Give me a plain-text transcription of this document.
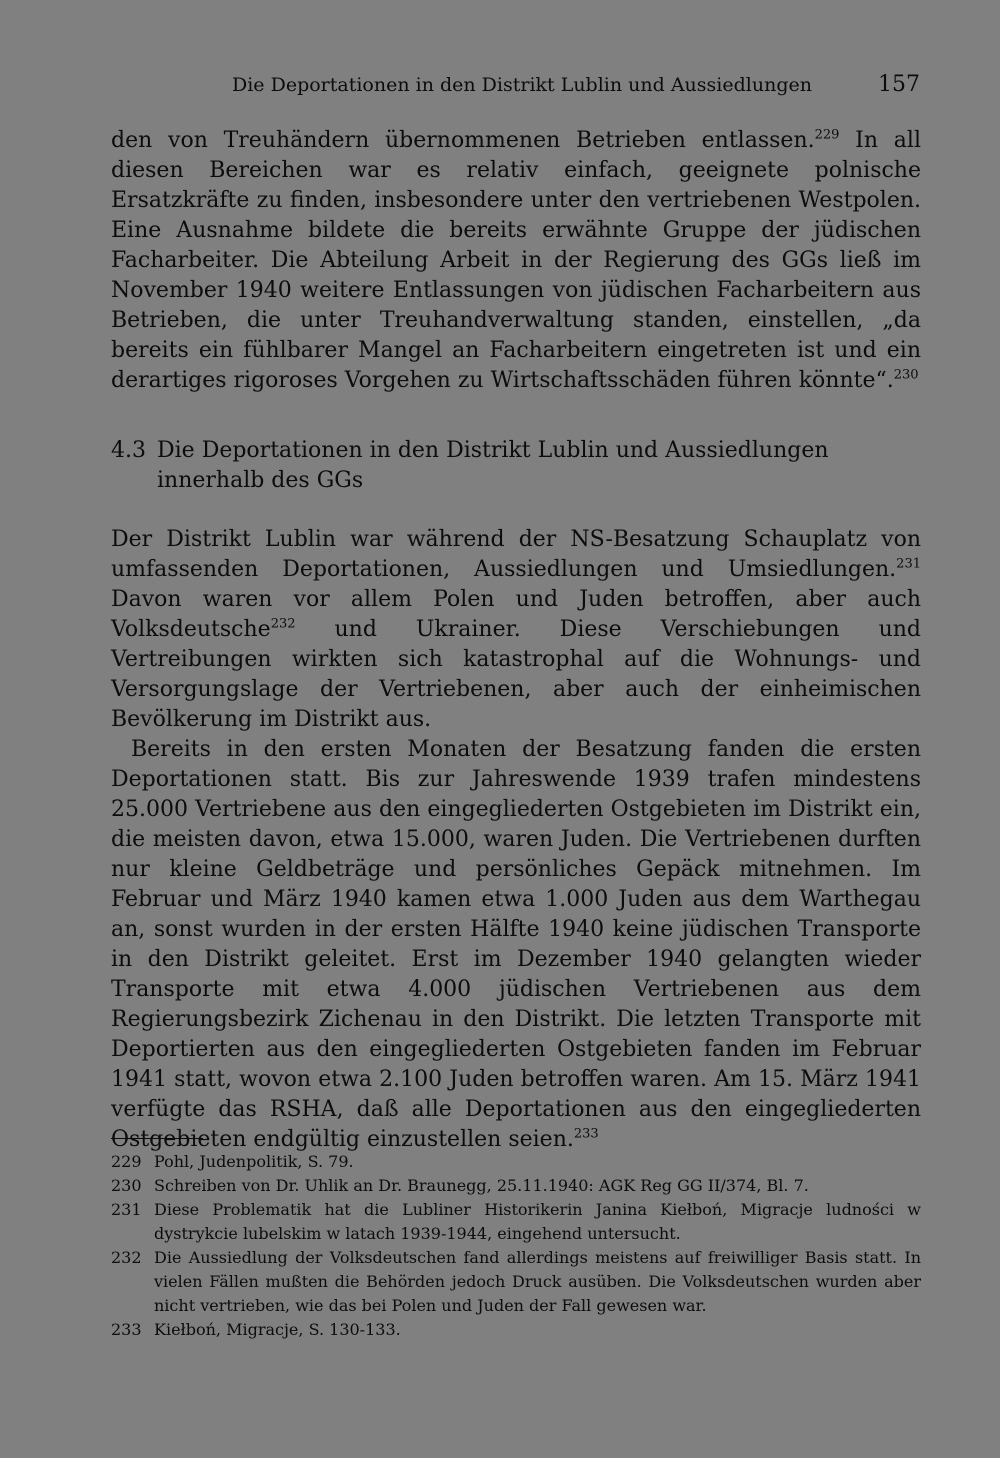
Die Deportationen in den Distrikt Lublin und Aussiedlungen	157

den von Treuhändern übernommenen Betrieben entlassen.$^{229}$ In all diesen Bereichen war es relativ einfach, geeignete polnische Ersatzkräfte zu finden, insbesondere unter den vertriebenen Westpolen. Eine Ausnahme bildete die bereits erwähnte Gruppe der jüdischen Facharbeiter. Die Abteilung Arbeit in der Regierung des GGs ließ im November 1940 weitere Entlassungen von jüdischen Facharbeitern aus Betrieben, die unter Treuhandverwaltung standen, einstellen, „da bereits ein fühlbarer Mangel an Facharbeitern eingetreten ist und ein derartiges rigoroses Vorgehen zu Wirtschaftsschäden führen könnte“.$^{230}$

4.3 Die Deportationen in den Distrikt Lublin und Aussiedlungen innerhalb des GGs

Der Distrikt Lublin war während der NS-Besatzung Schauplatz von umfassenden Deportationen, Aussiedlungen und Umsiedlungen.$^{231}$ Davon waren vor allem Polen und Juden betroffen, aber auch Volksdeutsche$^{232}$ und Ukrainer. Diese Verschiebungen und Vertreibungen wirkten sich katastrophal auf die Wohnungs- und Versorgungslage der Vertriebenen, aber auch der einheimischen Bevölkerung im Distrikt aus.

Bereits in den ersten Monaten der Besatzung fanden die ersten Deportationen statt. Bis zur Jahreswende 1939 trafen mindestens 25.000 Vertriebene aus den eingegliederten Ostgebieten im Distrikt ein, die meisten davon, etwa 15.000, waren Juden. Die Vertriebenen durften nur kleine Geldbeträge und persönliches Gepäck mitnehmen. Im Februar und März 1940 kamen etwa 1.000 Juden aus dem Warthegau an, sonst wurden in der ersten Hälfte 1940 keine jüdischen Transporte in den Distrikt geleitet. Erst im Dezember 1940 gelangten wieder Transporte mit etwa 4.000 jüdischen Vertriebenen aus dem Regierungsbezirk Zichenau in den Distrikt. Die letzten Transporte mit Deportierten aus den eingegliederten Ostgebieten fanden im Februar 1941 statt, wovon etwa 2.100 Juden betroffen waren. Am 15. März 1941 verfügte das RSHA, daß alle Deportationen aus den eingegliederten Ostgebieten endgültig einzustellen seien.$^{233}$

229 Pohl, Judenpolitik, S. 79.
230 Schreiben von Dr. Uhlik an Dr. Braunegg, 25.11.1940: AGK Reg GG II/374, Bl. 7.
231 Diese Problematik hat die Lubliner Historikerin Janina Kiełboń, Migracje ludności w dystrykcie lubelskim w latach 1939-1944, eingehend untersucht.
232 Die Aussiedlung der Volksdeutschen fand allerdings meistens auf freiwilliger Basis statt. In vielen Fällen mußten die Behörden jedoch Druck ausüben. Die Volksdeutschen wurden aber nicht vertrieben, wie das bei Polen und Juden der Fall gewesen war.
233 Kiełboń, Migracje, S. 130-133.
